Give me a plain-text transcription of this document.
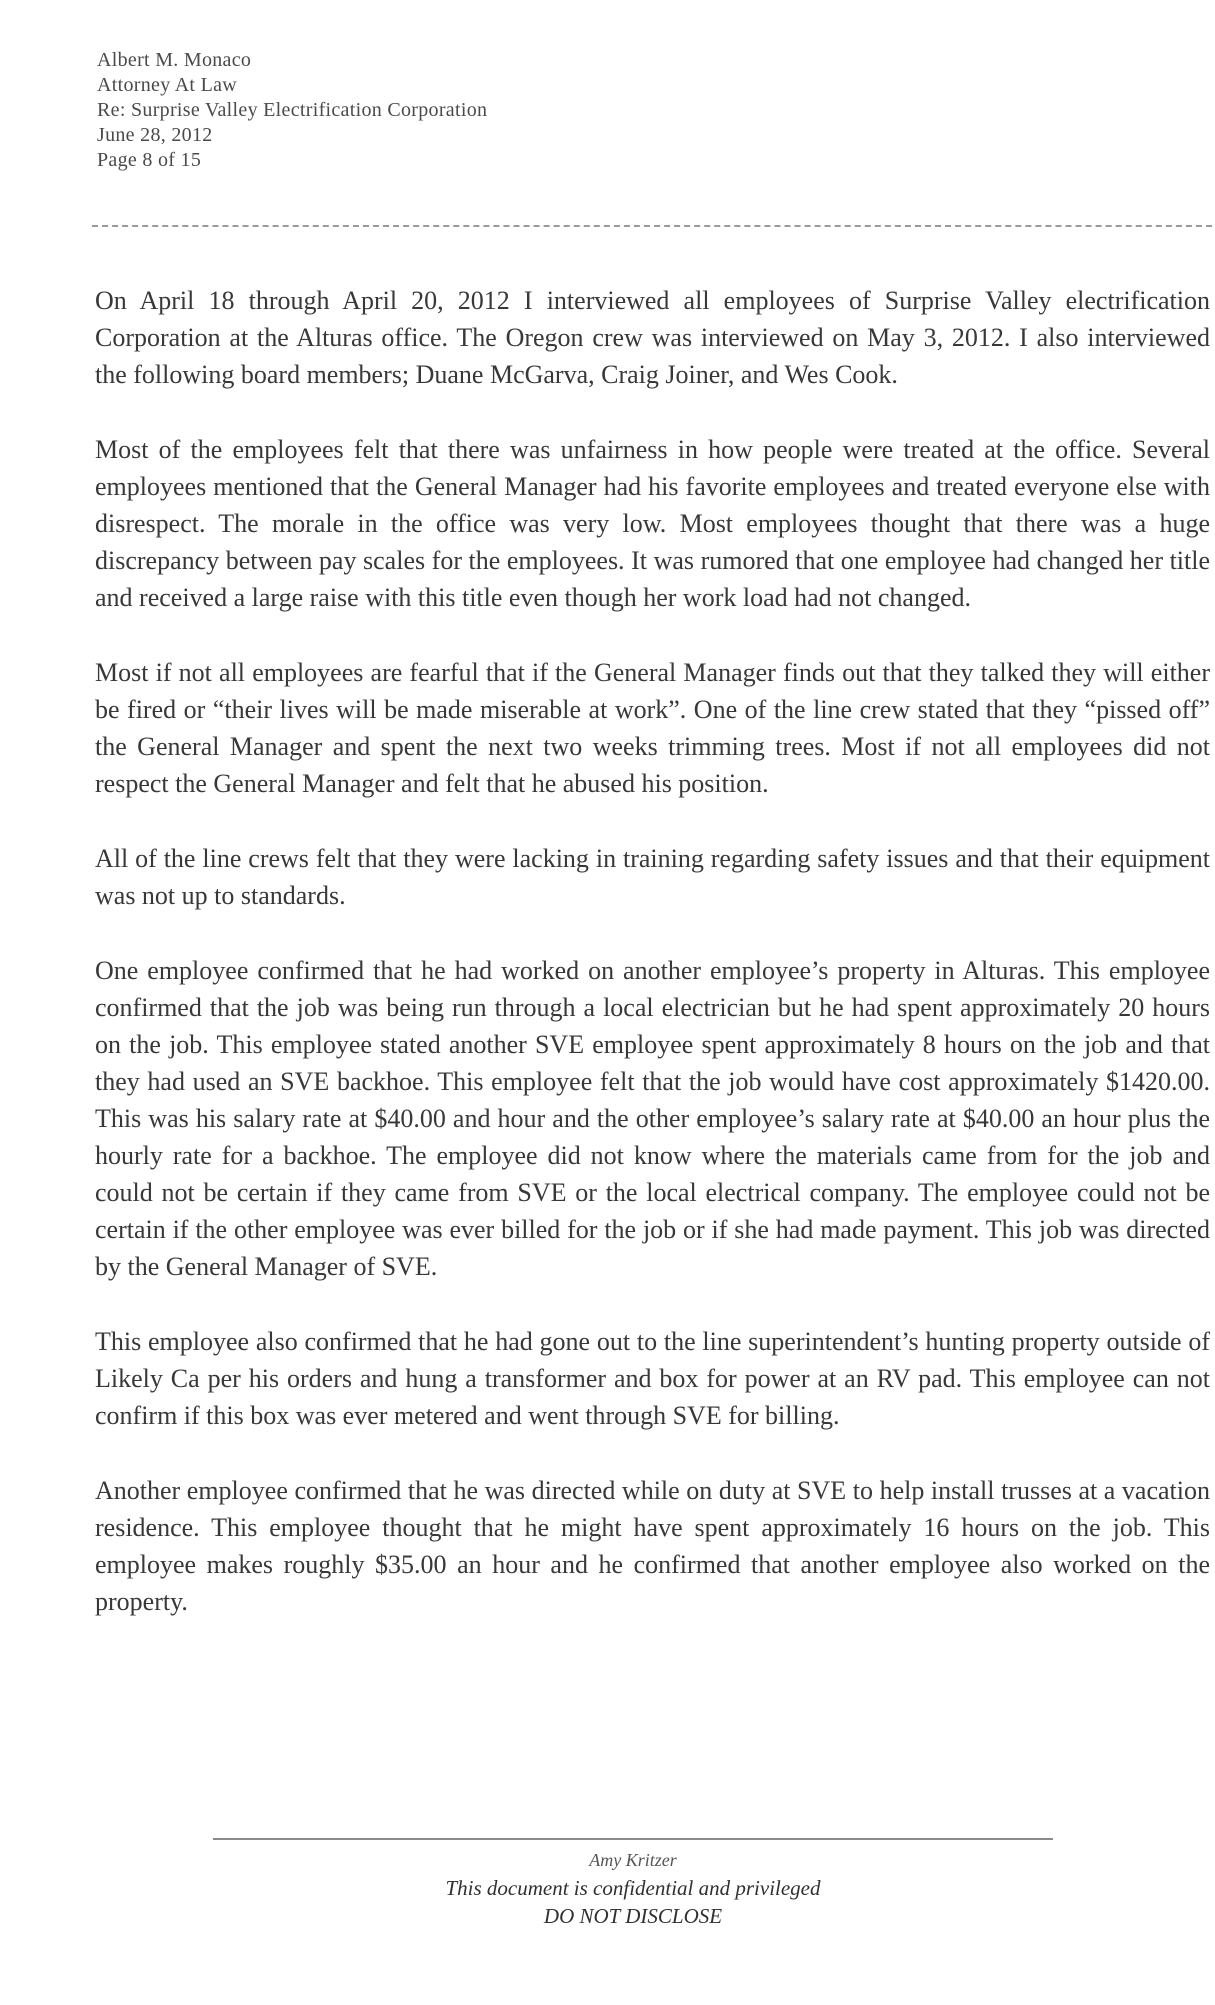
Albert M. Monaco
Attorney At Law
Re: Surprise Valley Electrification Corporation
June 28, 2012
Page 8 of 15

On April 18 through April 20, 2012 I interviewed all employees of Surprise Valley electrification Corporation at the Alturas office. The Oregon crew was interviewed on May 3, 2012. I also interviewed the following board members; Duane McGarva, Craig Joiner, and Wes Cook.

Most of the employees felt that there was unfairness in how people were treated at the office. Several employees mentioned that the General Manager had his favorite employees and treated everyone else with disrespect. The morale in the office was very low. Most employees thought that there was a huge discrepancy between pay scales for the employees. It was rumored that one employee had changed her title and received a large raise with this title even though her work load had not changed.

Most if not all employees are fearful that if the General Manager finds out that they talked they will either be fired or “their lives will be made miserable at work”. One of the line crew stated that they “pissed off” the General Manager and spent the next two weeks trimming trees. Most if not all employees did not respect the General Manager and felt that he abused his position.

All of the line crews felt that they were lacking in training regarding safety issues and that their equipment was not up to standards.

One employee confirmed that he had worked on another employee’s property in Alturas. This employee confirmed that the job was being run through a local electrician but he had spent approximately 20 hours on the job. This employee stated another SVE employee spent approximately 8 hours on the job and that they had used an SVE backhoe. This employee felt that the job would have cost approximately $1420.00. This was his salary rate at $40.00 and hour and the other employee’s salary rate at $40.00 an hour plus the hourly rate for a backhoe. The employee did not know where the materials came from for the job and could not be certain if they came from SVE or the local electrical company. The employee could not be certain if the other employee was ever billed for the job or if she had made payment. This job was directed by the General Manager of SVE.

This employee also confirmed that he had gone out to the line superintendent’s hunting property outside of Likely Ca per his orders and hung a transformer and box for power at an RV pad. This employee can not confirm if this box was ever metered and went through SVE for billing.

Another employee confirmed that he was directed while on duty at SVE to help install trusses at a vacation residence. This employee thought that he might have spent approximately 16 hours on the job. This employee makes roughly $35.00 an hour and he confirmed that another employee also worked on the property.

Amy Kritzer
This document is confidential and privileged
DO NOT DISCLOSE
